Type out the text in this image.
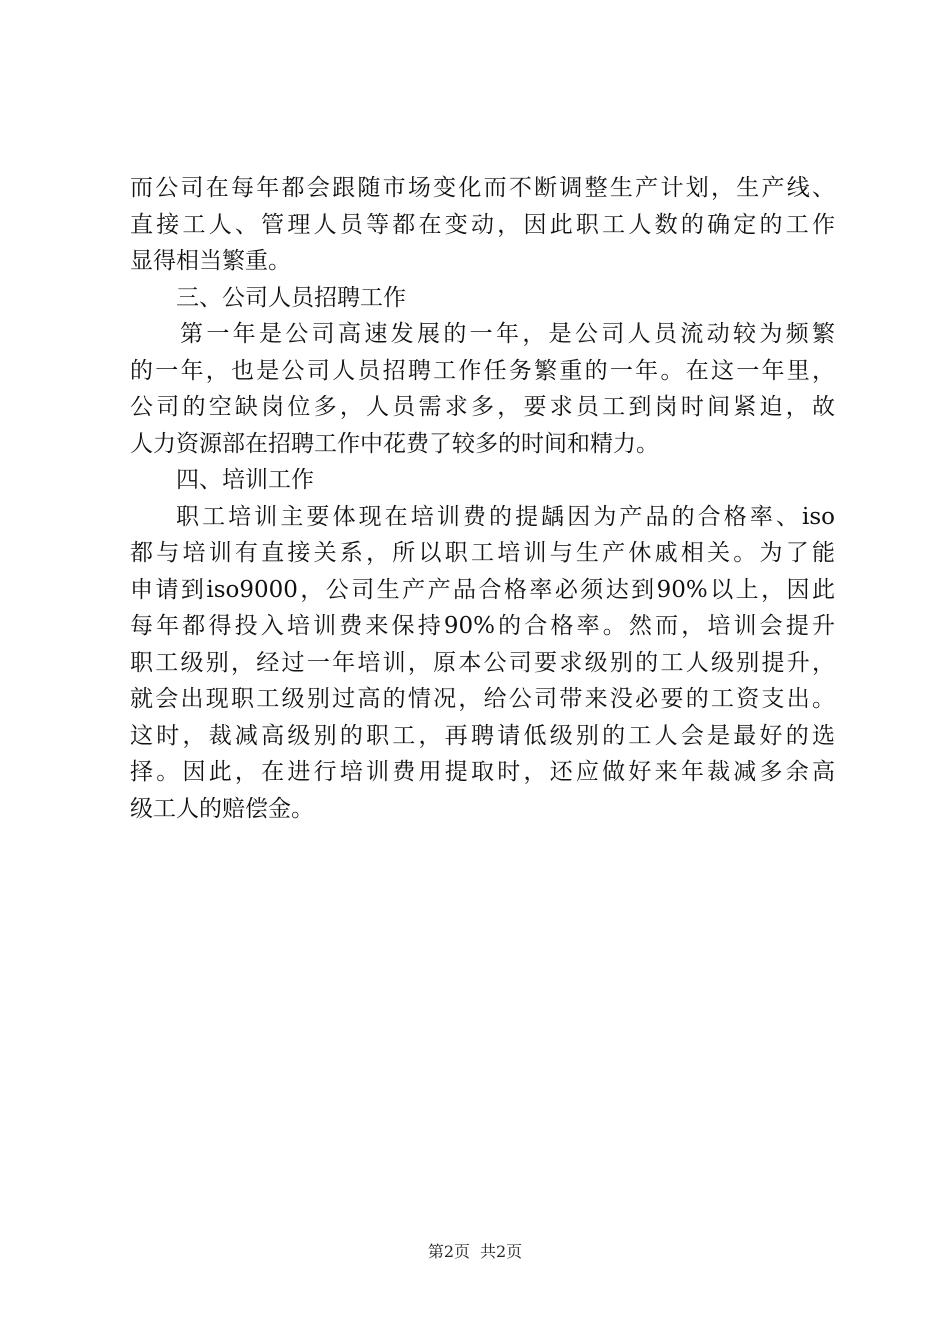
而公司在每年都会跟随市场变化而不断调整生产计划，生产线、
直接工人、管理人员等都在变动，因此职工人数的确定的工作
显得相当繁重。
三、公司人员招聘工作
第一年是公司高速发展的一年，是公司人员流动较为频繁
的一年，也是公司人员招聘工作任务繁重的一年。在这一年里，
公司的空缺岗位多，人员需求多，要求员工到岗时间紧迫，故
人力资源部在招聘工作中花费了较多的时间和精力。
四、培训工作
职工培训主要体现在培训费的提龋因为产品的合格率、iso
都与培训有直接关系，所以职工培训与生产休戚相关。为了能
申请到iso9000，公司生产产品合格率必须达到90%以上，因此
每年都得投入培训费来保持90%的合格率。然而，培训会提升
职工级别，经过一年培训，原本公司要求级别的工人级别提升，
就会出现职工级别过高的情况，给公司带来没必要的工资支出。
这时，裁减高级别的职工，再聘请低级别的工人会是最好的选
择。因此，在进行培训费用提取时，还应做好来年裁减多余高
级工人的赔偿金。
第2页 共2页
